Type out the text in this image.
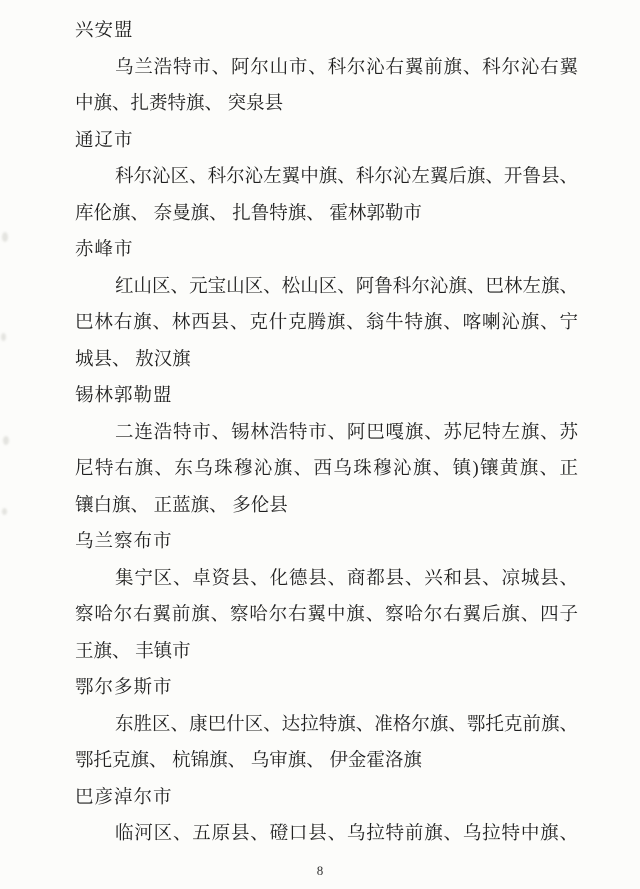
兴安盟
乌兰浩特市、阿尔山市、科尔沁右翼前旗、科尔沁右翼
中旗、扎赉特旗、 突泉县
通辽市
科尔沁区、科尔沁左翼中旗、科尔沁左翼后旗、开鲁县、
库伦旗、 奈曼旗、 扎鲁特旗、 霍林郭勒市
赤峰市
红山区、元宝山区、松山区、阿鲁科尔沁旗、巴林左旗、
巴林右旗、林西县、克什克腾旗、翁牛特旗、喀喇沁旗、宁
城县、 敖汉旗
锡林郭勒盟
二连浩特市、锡林浩特市、阿巴嘎旗、苏尼特左旗、苏
尼特右旗、东乌珠穆沁旗、西乌珠穆沁旗、镇)镶黄旗、正
镶白旗、 正蓝旗、 多伦县
乌兰察布市
集宁区、卓资县、化德县、商都县、兴和县、凉城县、
察哈尔右翼前旗、察哈尔右翼中旗、察哈尔右翼后旗、四子
王旗、 丰镇市
鄂尔多斯市
东胜区、康巴什区、达拉特旗、准格尔旗、鄂托克前旗、
鄂托克旗、 杭锦旗、 乌审旗、 伊金霍洛旗
巴彦淖尔市
临河区、五原县、磴口县、乌拉特前旗、乌拉特中旗、
8
